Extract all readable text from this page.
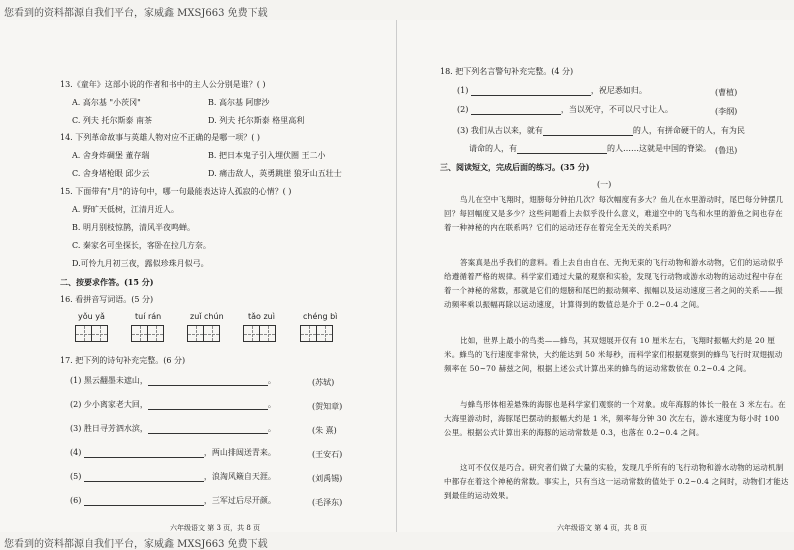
您看到的资料都源自我们平台，家威鑫 MXSJ663 免费下载
您看到的资料都源自我们平台，家威鑫 MXSJ663 免费下载
13.《童年》这部小说的作者和书中的主人公分别是谁？( )
A. 高尔基 "小茨冈"	B. 高尔基 阿廖沙
C. 列夫 托尔斯泰 南茶	D. 列夫 托尔斯泰 格里高利
14. 下列革命故事与英雄人物对应不正确的是哪一项？( )
A. 舍身炸碉堡 董存瑞	B. 把日本鬼子引入埋伏圈 王二小
C. 舍身堵枪眼 邱少云	D. 痛击敌人，英勇跳崖 狼牙山五壮士
15. 下面带有"月"的诗句中，哪一句最能表达诗人孤寂的心情？( )
A. 野旷天低树，江清月近人。
B. 明月别枝惊鹊，清风半夜鸣蝉。
C. 秦家名可坐探长，客卧在拉几方奈。
D.可怜九月初三夜，露似珍珠月似弓。
二、按要求作答。(15 分)
16. 看拼音写词语。(5 分)
yǒu yǎ	tuí rán	zuǐ chún	tǎo zuì	chéng bì
17. 把下列的诗句补充完整。(6 分)
(1) 黑云翻墨未遮山，	。	(苏轼)
(2) 少小离家老大回，	。	(贺知章)
(3) 胜日寻芳泗水滨，	。	(朱 熹)
(4)	，两山排闼送青来。	(王安石)
(5)	，浪淘风簸自天涯。	(刘禹锡)
(6)	，三军过后尽开颜。	(毛泽东)
六年级语文 第 3 页，共 8 页
18. 把下列名言警句补充完整。(4 分)
(1)	，祝尼悉如归。	(曹植)
(2)	，当以死守，不可以尺寸让人。	(李纲)
(3) 我们从古以来，就有	的人，有拼命硬干的人，有为民
请命的人，有	的人……这就是中国的脊梁。 (鲁迅)
三、阅读短文，完成后面的练习。(35 分)
(一)
鸟儿在空中飞翔时，翅膀每分钟拍几次？每次幅度有多大？鱼儿在水里游动时，尾巴每分钟摆几回？每回幅度又是多少？这些问题看上去似乎没什么意义，难道空中的飞鸟和水里的游鱼之间也存在着一种神秘的内在联系吗？它们的运动还存在着完全无关的关系吗？
答案真是出乎我们的意料。看上去自由自在、无拘无束的飞行动物和游水动物，它们的运动似乎给遵循着严格的规律。科学家们通过大量的观察和实验，发现飞行动物或游水动物的运动过程中存在着一个神秘的常数，那就是它们的翅膀和尾巴的振动频率、振幅以及运动速度三者之间的关系——振动频率乘以振幅再除以运动速度，计算得到的数值总是介于 0.2~0.4 之间。
比如，世界上最小的鸟类——蜂鸟，其双翅展开仅有 10 厘米左右，飞翔时振幅大约是 20 厘米。蜂鸟的飞行速度非常快，大约能达到 50 米每秒，而科学家们根据观察到的蜂鸟飞行时双翅振动频率在 50~70 赫兹之间，根据上述公式计算出来的蜂鸟的运动常数依在 0.2~0.4 之间。
与蜂鸟形体相差悬殊的海豚也是科学家们观察的一个对象。成年海豚的体长一般在 3 米左右。在大海里游动时，海豚尾巴摆动的振幅大约是 1 米，频率每分钟 30 次左右，游水速度为每小时 100 公里。根据公式计算出来的海豚的运动常数是 0.3，也落在 0.2~0.4 之间。
这可不仅仅是巧合。研究者们做了大量的实验，发现几乎所有的飞行动物和游水动物的运动机制中都存在着这个神秘的常数。事实上，只有当这一运动常数的值处于 0.2~0.4 之间时，动物们才能达到最佳的运动效果。
六年级语文 第 4 页，共 8 页
